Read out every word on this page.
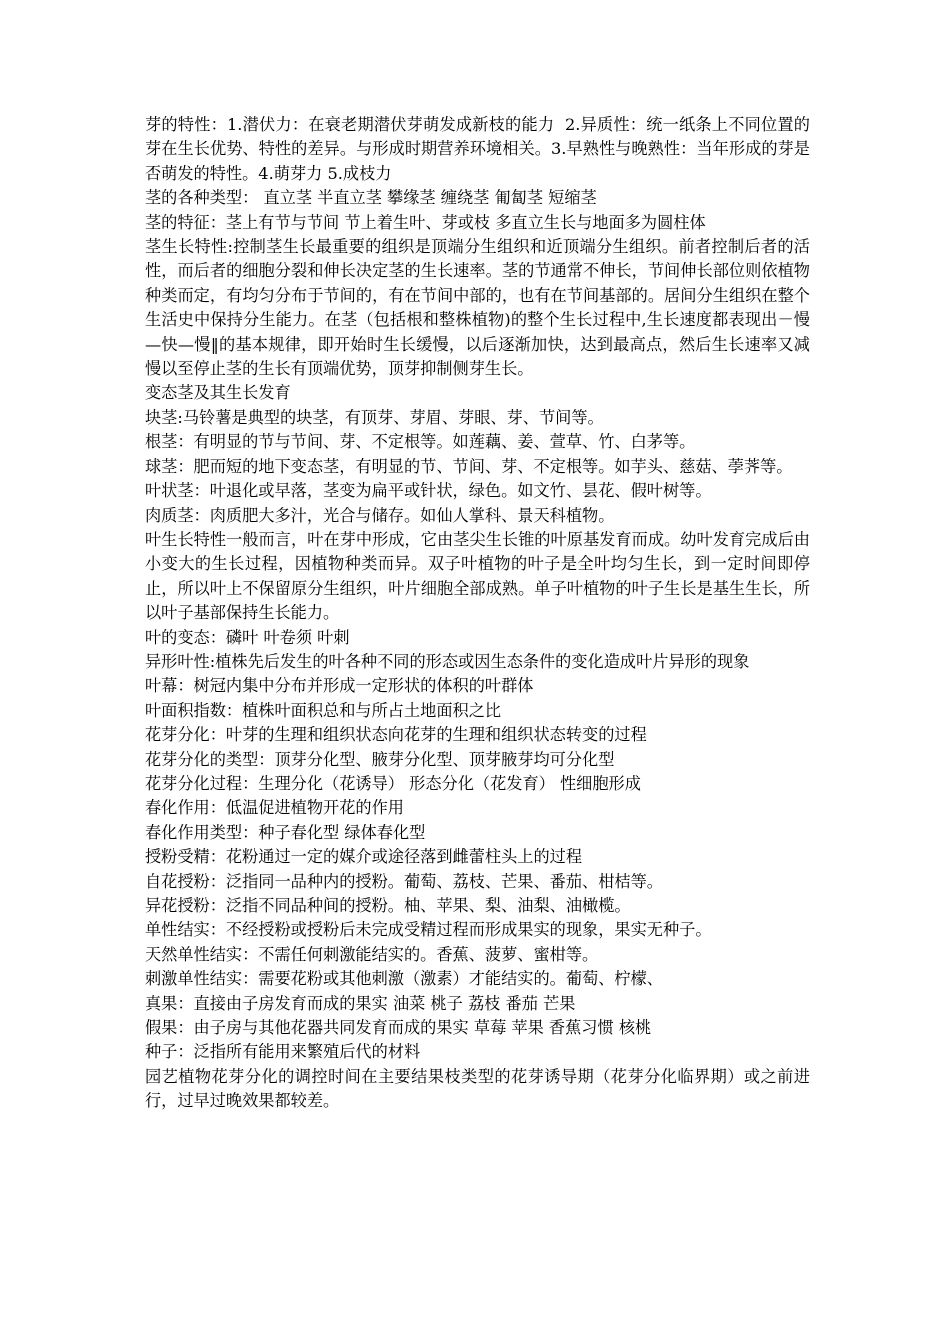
芽的特性：1.潜伏力：在衰老期潜伏芽萌发成新枝的能力  2.异质性：统一纸条上不同位置的芽在生长优势、特性的差异。与形成时期营养环境相关。3.早熟性与晚熟性：当年形成的芽是否萌发的特性。4.萌芽力 5.成枝力

茎的各种类型： 直立茎 半直立茎 攀缘茎 缠绕茎 匍匐茎 短缩茎

茎的特征：茎上有节与节间 节上着生叶、芽或枝 多直立生长与地面多为圆柱体

茎生长特性:控制茎生长最重要的组织是顶端分生组织和近顶端分生组织。前者控制后者的活性，而后者的细胞分裂和伸长决定茎的生长速率。茎的节通常不伸长，节间伸长部位则依植物种类而定，有均匀分布于节间的，有在节间中部的，也有在节间基部的。居间分生组织在整个生活史中保持分生能力。在茎（包括根和整株植物)的整个生长过程中,生长速度都表现出－慢—快—慢‖的基本规律，即开始时生长缓慢，以后逐渐加快，达到最高点，然后生长速率又减慢以至停止茎的生长有顶端优势，顶芽抑制侧芽生长。

变态茎及其生长发育

块茎:马铃薯是典型的块茎，有顶芽、芽眉、芽眼、芽、节间等。

根茎：有明显的节与节间、芽、不定根等。如莲藕、姜、萱草、竹、白茅等。

球茎：肥而短的地下变态茎，有明显的节、节间、芽、不定根等。如芋头、慈菇、荸荠等。

叶状茎：叶退化或早落，茎变为扁平或针状，绿色。如文竹、昙花、假叶树等。

肉质茎：肉质肥大多汁，光合与储存。如仙人掌科、景天科植物。

叶生长特性一般而言，叶在芽中形成，它由茎尖生长锥的叶原基发育而成。幼叶发育完成后由小变大的生长过程，因植物种类而异。双子叶植物的叶子是全叶均匀生长，到一定时间即停止，所以叶上不保留原分生组织，叶片细胞全部成熟。单子叶植物的叶子生长是基生生长，所以叶子基部保持生长能力。

叶的变态：磷叶 叶卷须 叶刺

异形叶性:植株先后发生的叶各种不同的形态或因生态条件的变化造成叶片异形的现象

叶幕：树冠内集中分布并形成一定形状的体积的叶群体

叶面积指数：植株叶面积总和与所占土地面积之比

花芽分化：叶芽的生理和组织状态向花芽的生理和组织状态转变的过程

花芽分化的类型：顶芽分化型、腋芽分化型、顶芽腋芽均可分化型

花芽分化过程：生理分化（花诱导） 形态分化（花发育） 性细胞形成

春化作用：低温促进植物开花的作用

春化作用类型：种子春化型 绿体春化型

授粉受精：花粉通过一定的媒介或途径落到雌蕾柱头上的过程

自花授粉：泛指同一品种内的授粉。葡萄、荔枝、芒果、番茄、柑桔等。

异花授粉：泛指不同品种间的授粉。柚、苹果、梨、油梨、油橄榄。

单性结实：不经授粉或授粉后未完成受精过程而形成果实的现象，果实无种子。

天然单性结实：不需任何刺激能结实的。香蕉、菠萝、蜜柑等。

刺激单性结实：需要花粉或其他刺激（激素）才能结实的。葡萄、柠檬、

真果：直接由子房发育而成的果实 油菜 桃子 荔枝 番茄 芒果

假果：由子房与其他花器共同发育而成的果实 草莓 苹果 香蕉习惯 核桃

种子：泛指所有能用来繁殖后代的材料

园艺植物花芽分化的调控时间在主要结果枝类型的花芽诱导期（花芽分化临界期）或之前进行，过早过晚效果都较差。
